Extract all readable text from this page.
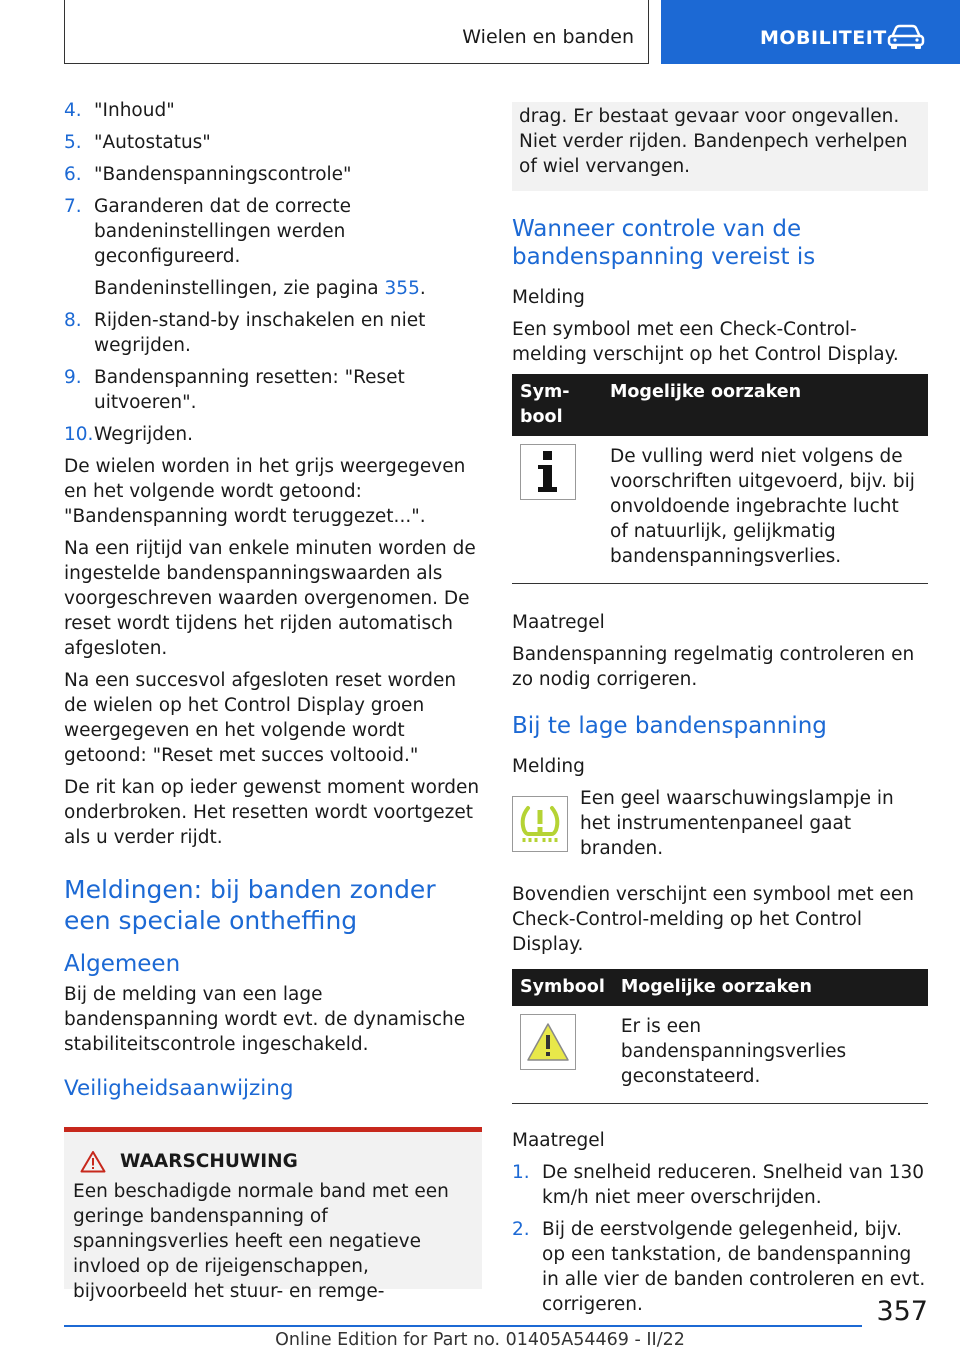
Wielen en banden	MOBILITEIT
4. "Inhoud"
5. "Autostatus"
6. "Bandenspanningscontrole"
7. Garanderen dat de correcte bandeninstellingen werden geconfigureerd.
Bandeninstellingen, zie pagina 355.
8. Rijden-stand-by inschakelen en niet wegrijden.
9. Bandenspanning resetten: "Reset uitvoeren".
10. Wegrijden.
De wielen worden in het grijs weergegeven en het volgende wordt getoond: "Bandenspanning wordt teruggezet...".
Na een rijtijd van enkele minuten worden de ingestelde bandenspanningswaarden als voorgeschreven waarden overgenomen. De reset wordt tijdens het rijden automatisch afgesloten.
Na een succesvol afgesloten reset worden de wielen op het Control Display groen weergegeven en het volgende wordt getoond: "Reset met succes voltooid."
De rit kan op ieder gewenst moment worden onderbroken. Het resetten wordt voortgezet als u verder rijdt.
Meldingen: bij banden zonder een speciale ontheffing
Algemeen
Bij de melding van een lage bandenspanning wordt evt. de dynamische stabiliteitscontrole ingeschakeld.
Veiligheidsaanwijzing
WAARSCHUWING
Een beschadigde normale band met een geringe bandenspanning of spanningsverlies heeft een negatieve invloed op de rijeigenschappen, bijvoorbeeld het stuur- en remge-
drag. Er bestaat gevaar voor ongevallen. Niet verder rijden. Bandenpech verhelpen of wiel vervangen.
Wanneer controle van de bandenspanning vereist is
Melding
Een symbool met een Check-Control-melding verschijnt op het Control Display.
Symbool	Mogelijke oorzaken

	De vulling werd niet volgens de voorschriften uitgevoerd, bijv. bij onvoldoende ingebrachte lucht of natuurlijk, gelijkmatig bandenspanningsverlies.
Maatregel
Bandenspanning regelmatig controleren en zo nodig corrigeren.
Bij te lage bandenspanning
Melding
Een geel waarschuwingslampje in het instrumentenpaneel gaat branden.
Bovendien verschijnt een symbool met een Check-Control-melding op het Control Display.
Symbool	Mogelijke oorzaken

	Er is een bandenspanningsverlies geconstateerd.
Maatregel
1. De snelheid reduceren. Snelheid van 130 km/h niet meer overschrijden.
2. Bij de eerstvolgende gelegenheid, bijv. op een tankstation, de bandenspanning in alle vier de banden controleren en evt. corrigeren.	357
Online Edition for Part no. 01405A54469 - II/22
